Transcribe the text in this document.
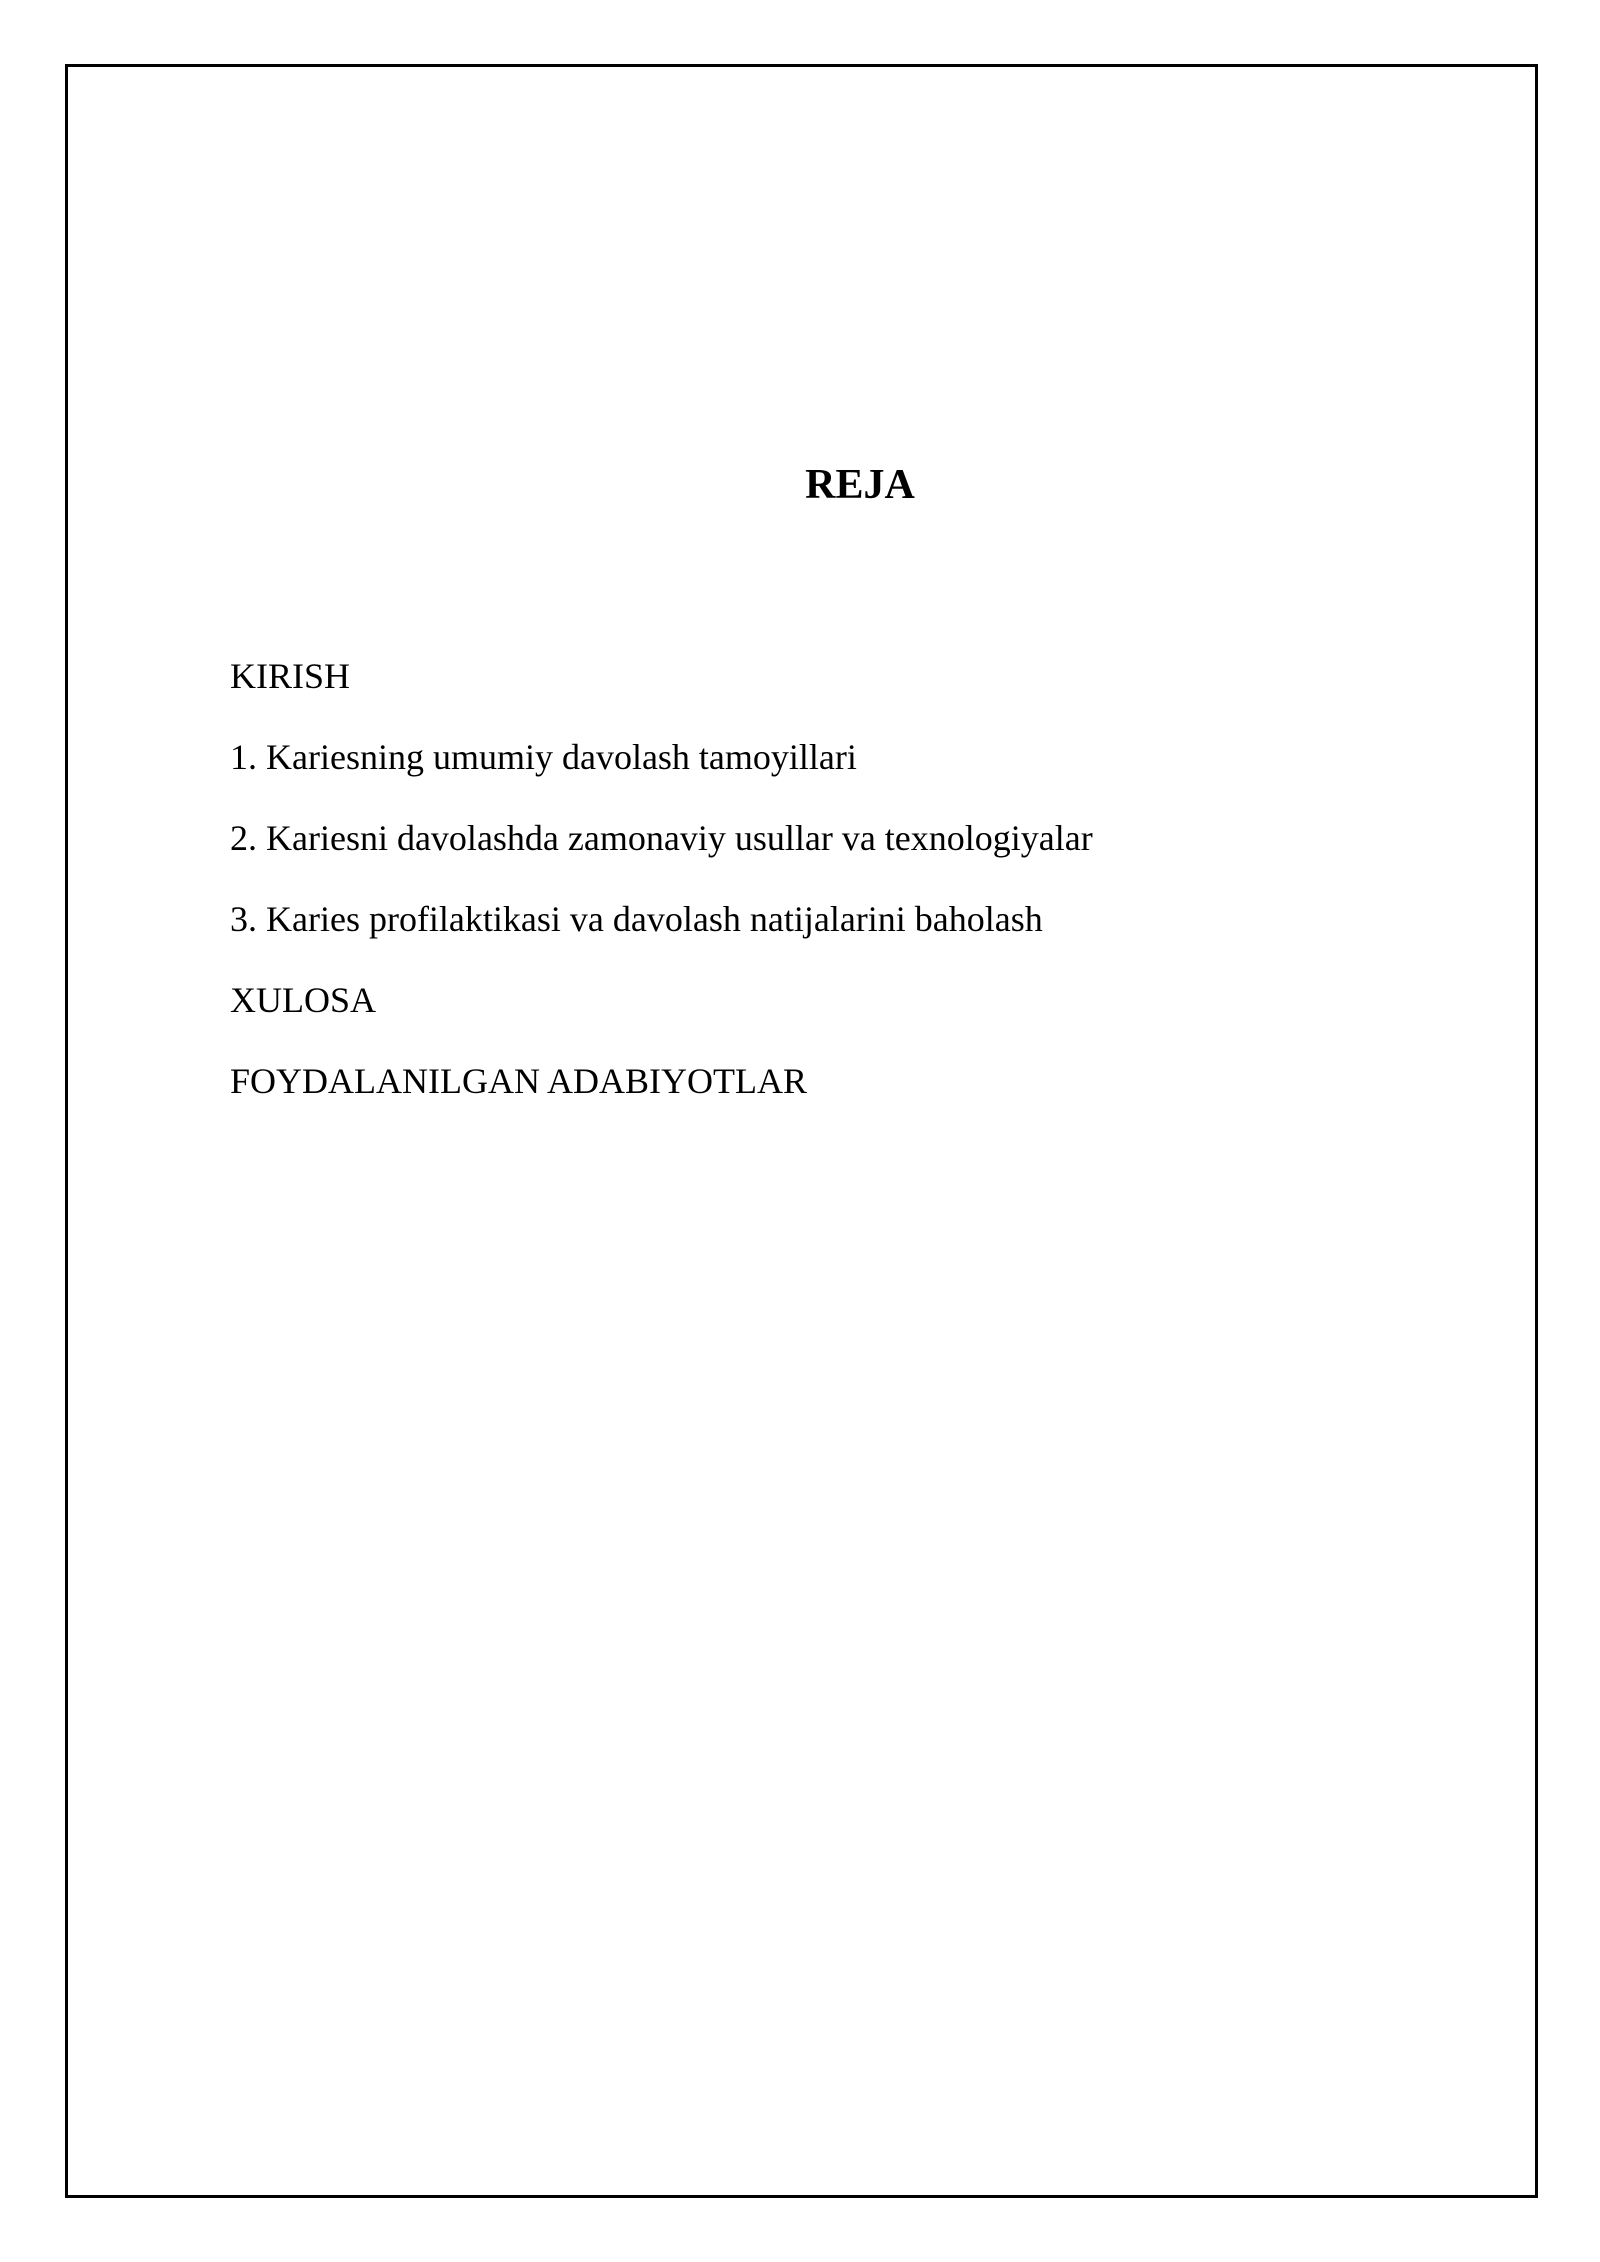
REJA
KIRISH
1. Kariesning umumiy davolash tamoyillari
2. Kariesni davolashda zamonaviy usullar va texnologiyalar
3. Karies profilaktikasi va davolash natijalarini baholash
XULOSA
FOYDALANILGAN ADABIYOTLAR
